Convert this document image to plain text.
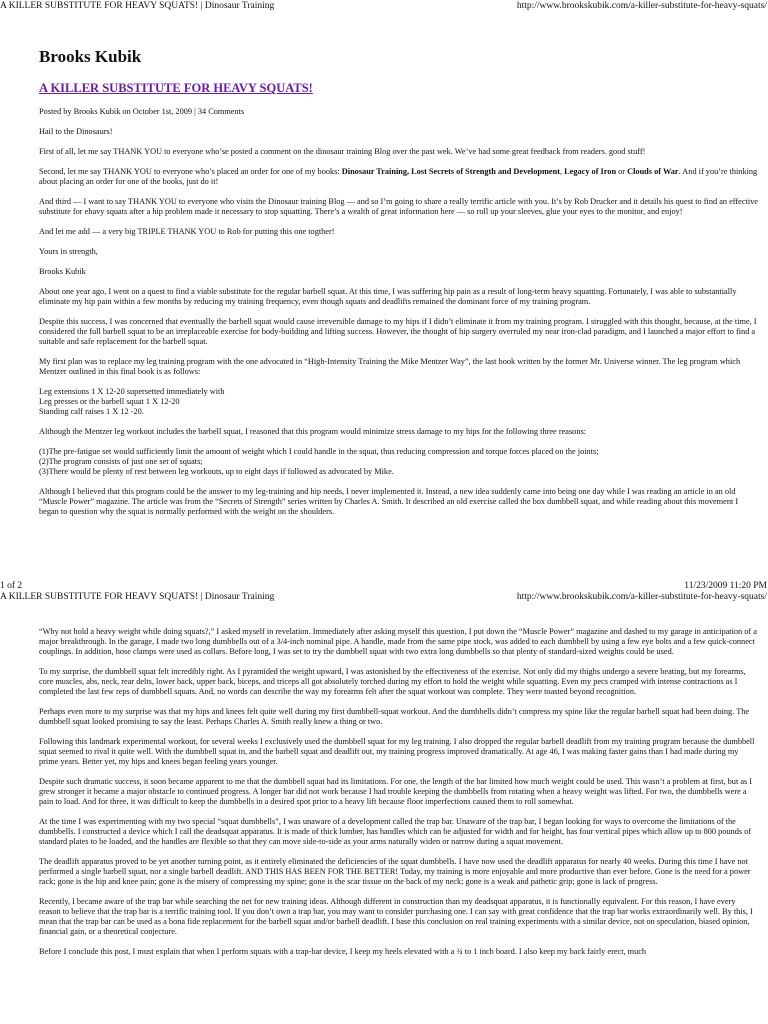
A KILLER SUBSTITUTE FOR HEAVY SQUATS! | Dinosaur Training	http://www.brookskubik.com/a-killer-substitute-for-heavy-squats/
Brooks Kubik
A KILLER SUBSTITUTE FOR HEAVY SQUATS!

Posted by Brooks Kubik on October 1st, 2009 | 34 Comments

Hail to the Dinosaurs!

First of all, let me say THANK YOU to everyone who’se posted a comment on the dinosaur training Blog over the past wek. We’ve had some great feedback from readers. good stuff!

Second, let me say THANK YOU to everyone who’s placed an order for one of my books: Dinosaur Training, Lost Secrets of Strength and Development, Legacy of Iron or Clouds of War. And if you’re thinking about placing an order for one of the books, just do it!

And third — I want to say THANK YOU to everyone who visits the Dinosaur training Blog — and so I’m going to share a really terrific article with you. It’s by Rob Drucker and it details his quest to find an effective substitute for ehavy squats after a hip problem made it necessary to stop squatting. There’s a wealth of great information here — so roll up your sleeves, glue your eyes to the monitor, and enjoy!

And let me add — a very big TRIPLE THANK YOU to Rob for putting this one togther!

Yours in strength,

Brooks Kubik

About one year ago, I went on a quest to find a viable substitute for the regular barbell squat. At this time, I was suffering hip pain as a result of long-term heavy squatting. Fortunately, I was able to substantially eliminate my hip pain within a few months by reducing my training frequency, even though squats and deadlifts remained the dominant force of my training program.

Despite this success, I was concerned that eventually the barbell squat would cause irreversible damage to my hips if I didn’t eliminate it from my training program. I struggled with this thought, because, at the time, I considered the full barbell squat to be an irreplaceable exercise for body-building and lifting success. However, the thought of hip surgery overruled my near iron-clad paradigm, and I launched a major effort to find a suitable and safe replacement for the barbell squat.

My first plan was to replace my leg training program with the one advocated in “High-Intensity Training the Mike Mentzer Way”, the last book written by the former Mr. Universe winner. The leg program which Mentzer outlined in this final book is as follows:

Leg extensions 1 X 12-20 supersetted immediately with

Leg presses or the barbell squat 1 X 12-20

Standing calf raises 1 X 12 -20.

Although the Mentzer leg workout includes the barbell squat, I reasoned that this program would minimize stress damage to my hips for the following three reasons:

(1)The pre-fatigue set would sufficiently limit the amount of weight which I could handle in the squat, thus reducing compression and torque forces placed on the joints;

(2)The program consists of just one set of squats;

(3)There would be plenty of rest between leg workouts, up to eight days if followed as advocated by Mike.

Although I believed that this program could be the answer to my leg-training and hip needs, I never implemented it. Instead, a new idea suddenly came into being one day while I was reading an article in an old “Muscle Power” magazine. The article was from the “Secrets of Strength” series written by Charles A. Smith. It described an old exercise called the box dumbbell squat, and while reading about this movement I began to question why the squat is normally performed with the weight on the shoulders.

1 of 2	11/23/2009 11:20 PM
A KILLER SUBSTITUTE FOR HEAVY SQUATS! | Dinosaur Training	http://www.brookskubik.com/a-killer-substitute-for-heavy-squats/

“Why not hold a heavy weight while doing squats?,” I asked myself in revelation. Immediately after asking myself this question, I put down the “Muscle Power” magazine and dashed to my garage in anticipation of a major breakthrough. In the garage, I made two long dumbbells out of a 3/4-inch nominal pipe. A handle, made from the same pipe stock, was added to each dumbbell by using a few eye bolts and a few quick-connect couplings. In addition, hose clamps were used as collars. Before long, I was set to try the dumbbell squat with two extra long dumbbells so that plenty of standard-sized weights could be used.

To my surprise, the dumbbell squat felt incredibly right. As I pyramided the weight upward, I was astonished by the effectiveness of the exercise. Not only did my thighs undergo a severe beating, but my forearms, core muscles, abs, neck, rear delts, lower back, upper back, biceps, and triceps all got absolutely torched during my effort to hold the weight while squatting. Even my pecs cramped with intense contractions as I completed the last few reps of dumbbell squats. And, no words can describe the way my forearms felt after the squat workout was complete. They were toasted beyond recognition.

Perhaps even more to my surprise was that my hips and knees felt quite well during my first dumbbell-squat workout. And the dumbbells didn’t compress my spine like the regular barbell squat had been doing. The dumbbell squat looked promising to say the least. Perhaps Charles A. Smith really knew a thing or two.

Following this landmark experimental workout, for several weeks I exclusively used the dumbbell squat for my leg training. I also dropped the regular barbell deadlift from my training program because the dumbbell squat seemed to rival it quite well. With the dumbbell squat in, and the barbell squat and deadlift out, my training progress improved dramatically. At age 46, I was making faster gains than I had made during my prime years. Better yet, my hips and knees began feeling years younger.

Despite such dramatic success, it soon became apparent to me that the dumbbell squat had its limitations. For one, the length of the bar limited how much weight could be used. This wasn’t a problem at first, but as I grew stronger it became a major obstacle to continued progress. A longer bar did not work because I had trouble keeping the dumbbells from rotating when a heavy weight was lifted. For two, the dumbbells were a pain to load. And for three, it was difficult to keep the dumbbells in a desired spot prior to a heavy lift because floor imperfections caused them to roll somewhat.

At the time I was experimenting with my two special “squat dumbbells”, I was unaware of a development called the trap bar. Unaware of the trap bar, I began looking for ways to overcome the limitations of the dumbbells. I constructed a device which I call the deadsquat apparatus. It is made of thick lumber, has handles which can be adjusted for width and for height, has four vertical pipes which allow up to 800 pounds of standard plates to be loaded, and the handles are flexible so that they can move side-to-side as your arms naturally widen or narrow during a squat movement.

The deadlift apparatus proved to be yet another turning point, as it entirely eliminated the deficiencies of the squat dumbbells. I have now used the deadlift apparatus for nearly 40 weeks. During this time I have not performed a single barbell squat, nor a single barbell deadlift. AND THIS HAS BEEN FOR THE BETTER! Today, my training is more enjoyable and more productive than ever before. Gone is the need for a power rack; gone is the hip and knee pain; gone is the misery of compressing my spine; gone is the scar tissue on the back of my neck; gone is a weak and pathetic grip; gone is lack of progress.

Recently, I became aware of the trap bar while searching the net for new training ideas. Although different in construction than my deadsquat apparatus, it is functionally equivalent. For this reason, I have every reason to believe that the trap bar is a terrific training tool. If you don’t own a trap bar, you may want to consider purchasing one. I can say with great confidence that the trap bar works extraordinarily well. By this, I mean that the trap bar can be used as a bona fide replacement for the barbell squat and/or barbell deadlift. I base this conclusion on real training experiments with a similar device, not on speculation, biased opinion, financial gain, or a theoretical conjecture.

Before I conclude this post, I must explain that when I perform squats with a trap-bar device, I keep my heels elevated with a ¾ to 1 inch board. I also keep my back fairly erect, much
